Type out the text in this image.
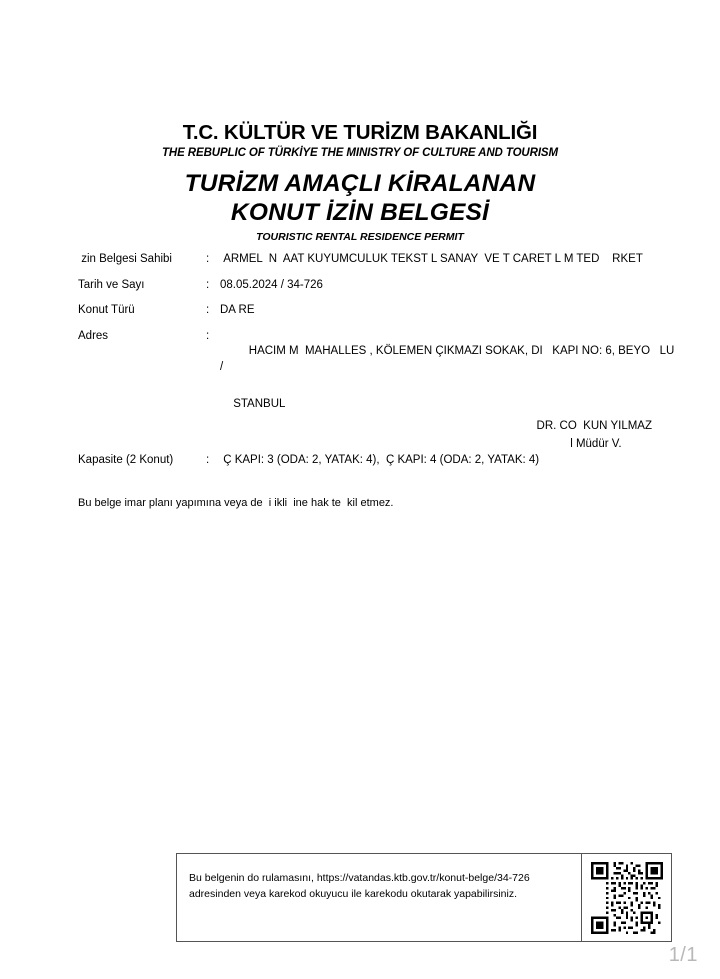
T.C. KÜLTÜR VE TURİZM BAKANLIĞI
THE REBUPLIC OF TÜRKİYE THE MINISTRY OF CULTURE AND TOURISM
TURİZM AMAÇLI KİRALANAN
KONUT İZİN BELGESİ
TOURISTIC RENTAL RESIDENCE PERMIT
zin Belgesi Sahibi	: ARMEL  N  AAT KUYUMCULUK TEKST L SANAY  VE T CARET L M TED    RKET
Tarih ve Sayı	: 08.05.2024 / 34-726
Konut Türü	: DA RE
Adres	:

HACIM M  MAHALLES , KÖLEMEN ÇIKMAZI SOKAK, DI   KAPI NO: 6, BEYO   LU /

STANBUL

Kapasite (2 Konut)	: Ç KAPI: 3 (ODA: 2, YATAK: 4),  Ç KAPI: 4 (ODA: 2, YATAK: 4)
DR. CO  KUN YILMAZ
l Müdür V.
Bu belge imar planı yapımına veya de  i ikli  ine hak te  kil etmez.
Bu belgenin do rulamasını, https://vatandas.ktb.gov.tr/konut-belge/34-726
adresinden veya karekod okuyucu ile karekodu okutarak yapabilirsiniz.
1/1
